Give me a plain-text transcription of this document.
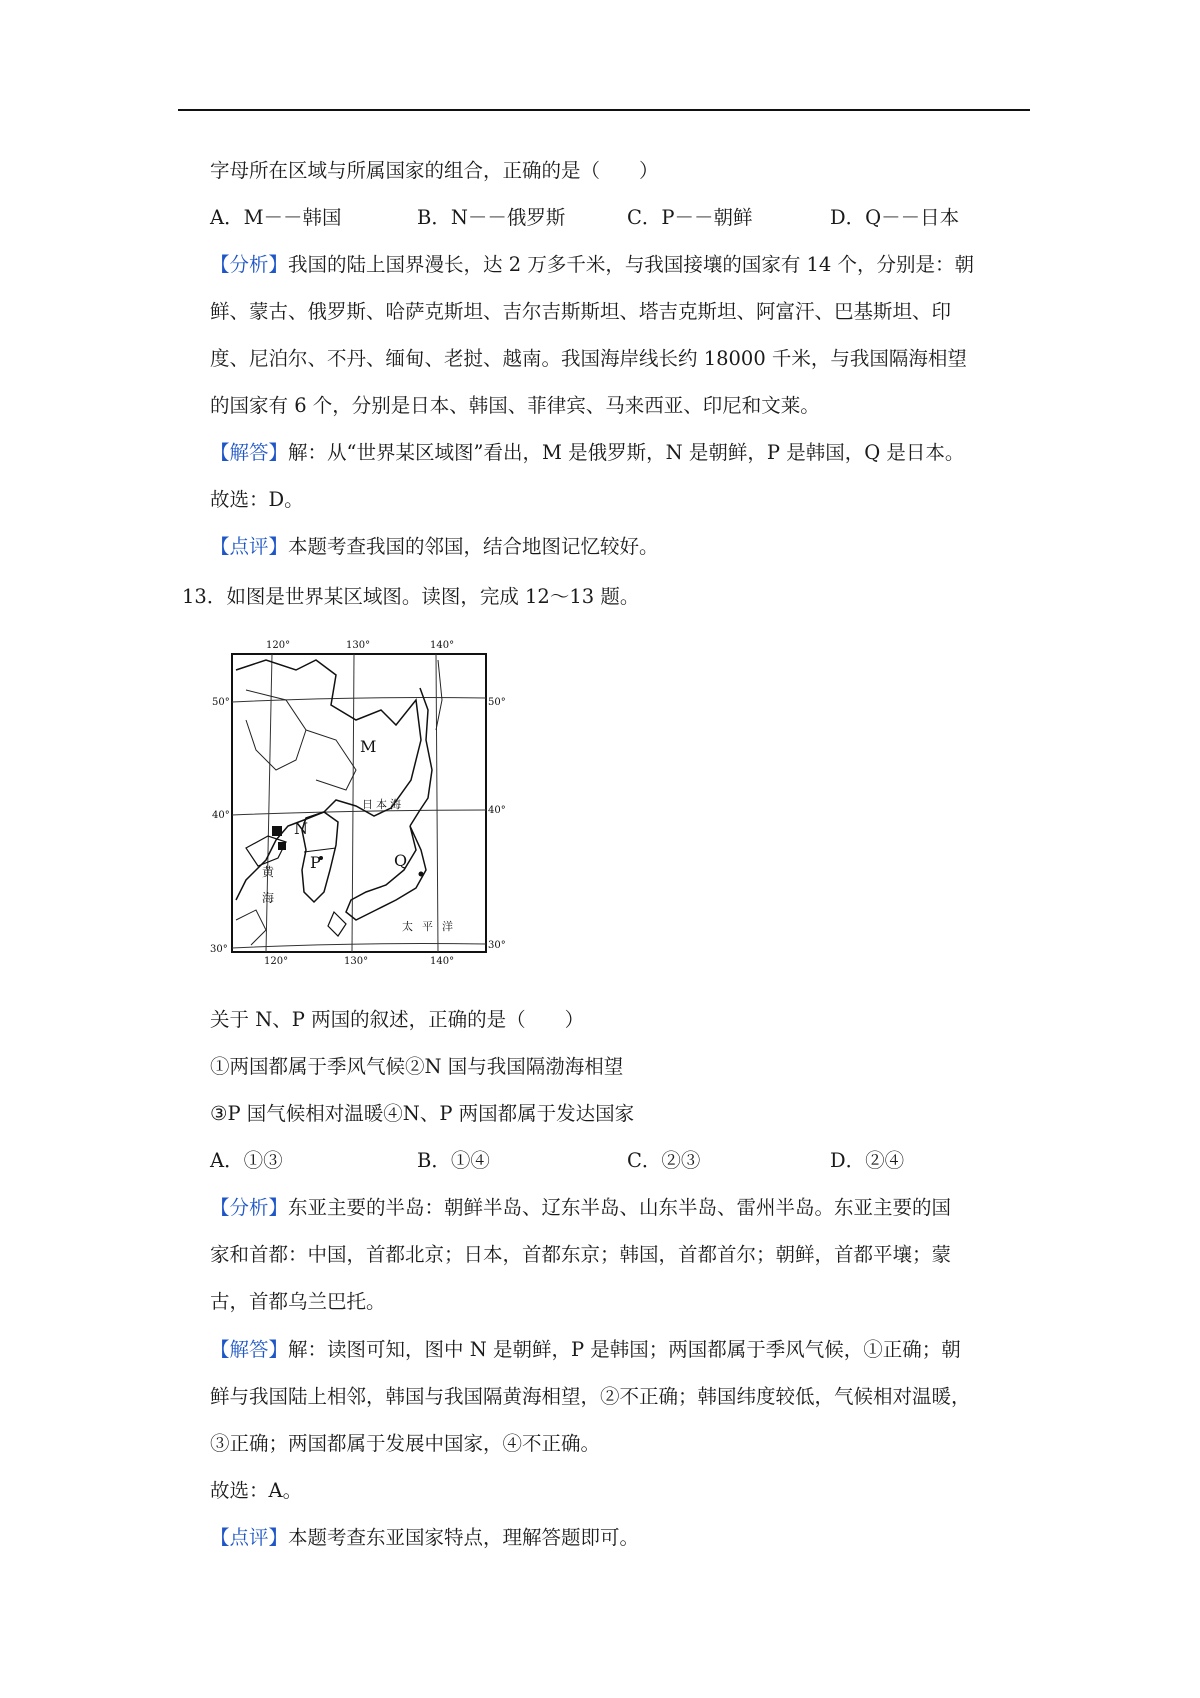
字母所在区域与所属国家的组合，正确的是（　　）
A．M－－韩国	B．N－－俄罗斯	C．P－－朝鲜	D．Q－－日本
【分析】我国的陆上国界漫长，达 2 万多千米，与我国接壤的国家有 14 个，分别是：朝
鲜、蒙古、俄罗斯、哈萨克斯坦、吉尔吉斯斯坦、塔吉克斯坦、阿富汗、巴基斯坦、印
度、尼泊尔、不丹、缅甸、老挝、越南。我国海岸线长约 18000 千米，与我国隔海相望
的国家有 6 个，分别是日本、韩国、菲律宾、马来西亚、印尼和文莱。
【解答】解：从“世界某区域图”看出，M 是俄罗斯，N 是朝鲜，P 是韩国，Q 是日本。
故选：D。
【点评】本题考查我国的邻国，结合地图记忆较好。
13．如图是世界某区域图。读图，完成 12～13 题。
120°	130°	140°
50°	50°
40°	40°
30°	30°
120°	130°	140°
M
N
P	Q
日 本 海
黄
海
太 平 洋
关于 N、P 两国的叙述，正确的是（　　）
①两国都属于季风气候②N 国与我国隔渤海相望
③P 国气候相对温暖④N、P 两国都属于发达国家
A．①③	B．①④	C．②③	D．②④
【分析】东亚主要的半岛：朝鲜半岛、辽东半岛、山东半岛、雷州半岛。东亚主要的国
家和首都：中国，首都北京；日本，首都东京；韩国，首都首尔；朝鲜，首都平壤；蒙
古，首都乌兰巴托。
【解答】解：读图可知，图中 N 是朝鲜，P 是韩国；两国都属于季风气候，①正确；朝
鲜与我国陆上相邻，韩国与我国隔黄海相望，②不正确；韩国纬度较低，气候相对温暖，
③正确；两国都属于发展中国家，④不正确。
故选：A。
【点评】本题考查东亚国家特点，理解答题即可。
